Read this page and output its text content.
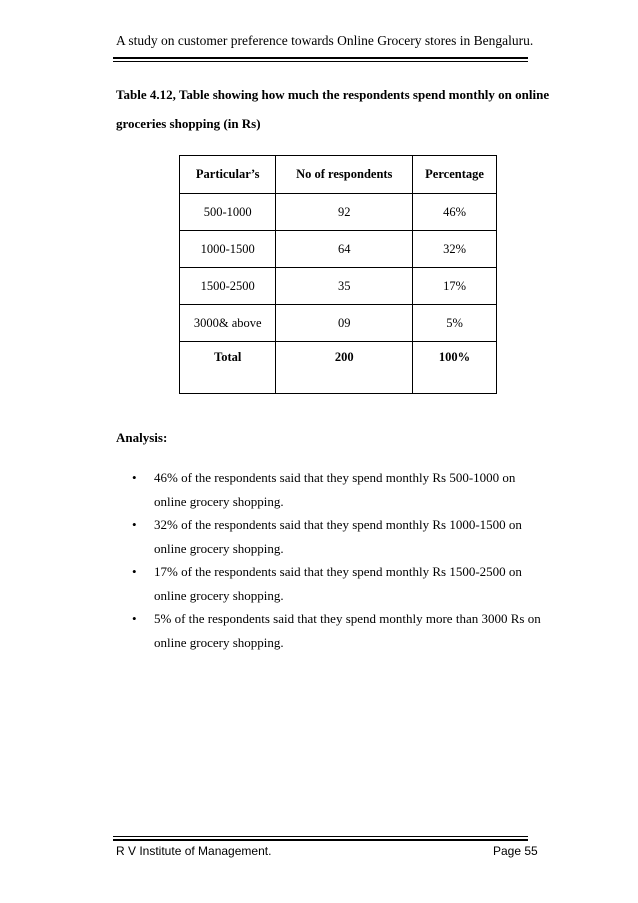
A study on customer preference towards Online Grocery stores in Bengaluru.
Table 4.12, Table showing how much the respondents spend monthly on online groceries shopping (in Rs)
Particular’s	No of respondents	Percentage
500-1000	92	46%
1000-1500	64	32%
1500-2500	35	17%
3000& above	09	5%
Total	200	100%
Analysis:
• 46% of the respondents said that they spend monthly Rs 500-1000 on online grocery shopping.
• 32% of the respondents said that they spend monthly Rs 1000-1500 on online grocery shopping.
• 17% of the respondents said that they spend monthly Rs 1500-2500 on online grocery shopping.
• 5% of the respondents said that they spend monthly more than 3000 Rs on online grocery shopping.
R V Institute of Management.	Page 55
